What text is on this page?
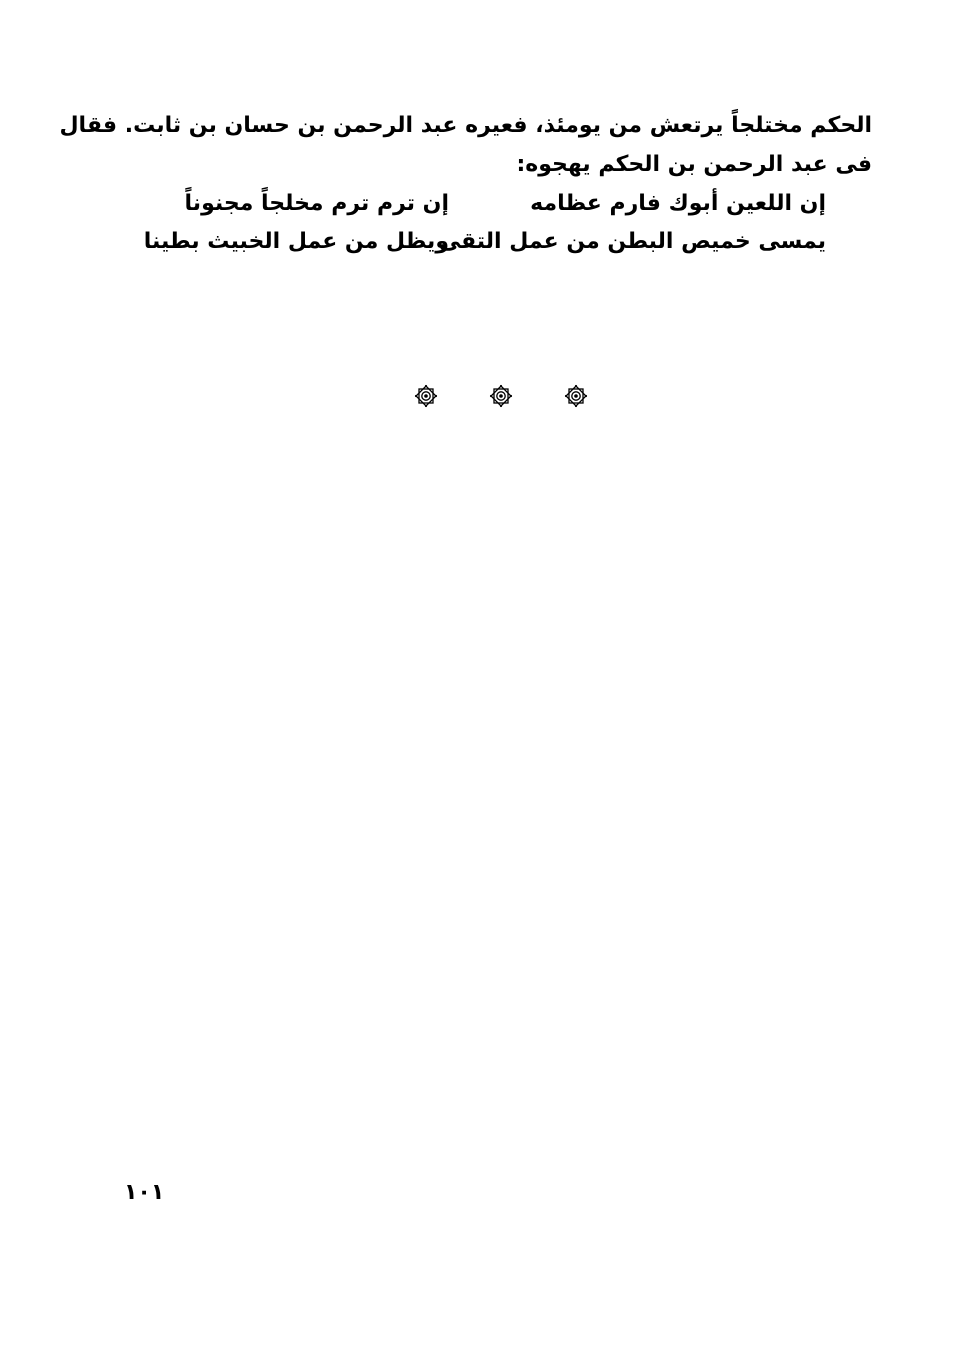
الحكم مختلجاً يرتعش من يومئذ، فعيره عبد الرحمن بن حسان بن ثابت. فقال
فى عبد الرحمن بن الحكم يهجوه:
إن اللعين أبوك فارم عظامه
إن ترم ترم مخلجاً مجنوناً
يمسى خميص البطن من عمل التقى
ويظل من عمل الخبيث بطينا
١٠١
